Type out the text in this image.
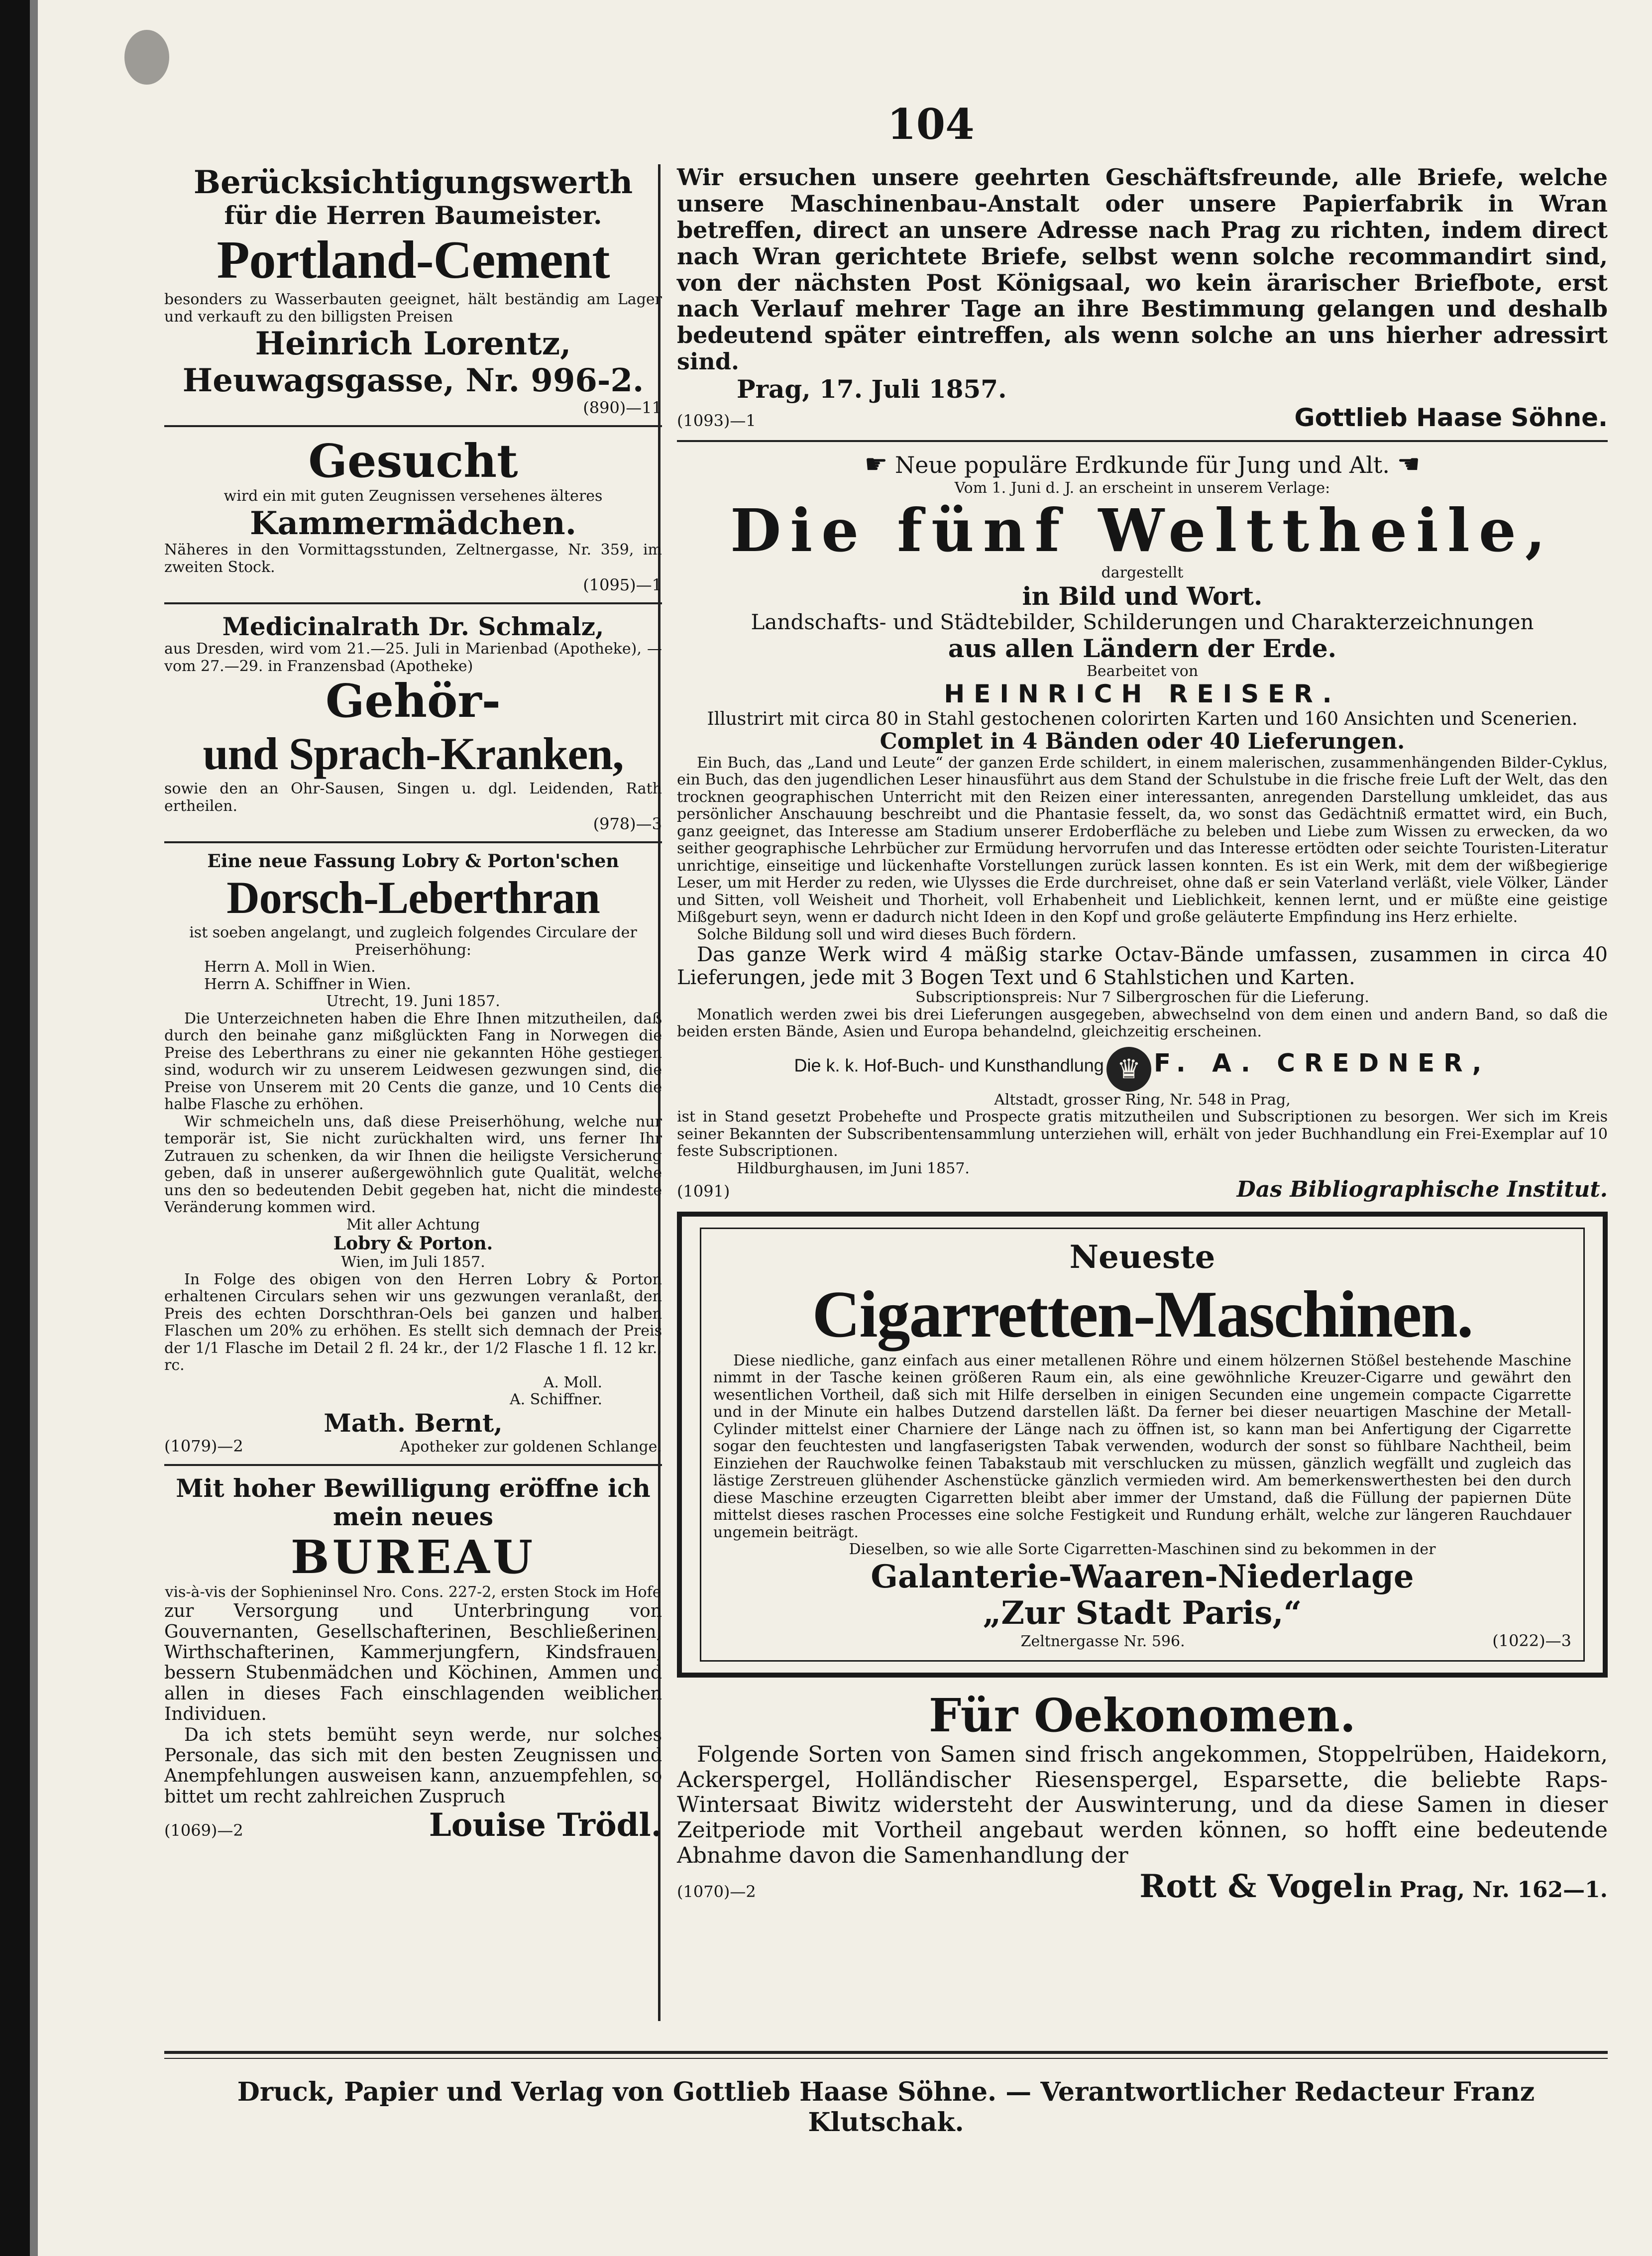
104
Berücksichtigungswerth
für die Herren Baumeister.
Portland-Cement
besonders zu Wasserbauten geeignet, hält beständig am Lager und verkauft zu den billigsten Preisen
Heinrich Lorentz,
Heuwagsgasse, Nr. 996-2.
(890)—11
Gesucht
wird ein mit guten Zeugnissen versehenes älteres
Kammermädchen.
Näheres in den Vormittagsstunden, Zeltnergasse, Nr. 359, im zweiten Stock.
(1095)—1
Medicinalrath Dr. Schmalz,
aus Dresden, wird vom 21.—25. Juli in Marienbad (Apotheke), — vom 27.—29. in Franzensbad (Apotheke)
Gehör-
und Sprach-Kranken,
sowie den an Ohr-Sausen, Singen u. dgl. Leidenden, Rath ertheilen.
(978)—3
Eine neue Fassung Lobry & Porton'schen
Dorsch-Leberthran
ist soeben angelangt, und zugleich folgendes Circulare der Preiserhöhung:
Herrn A. Moll in Wien.
Herrn A. Schiffner in Wien.
Utrecht, 19. Juni 1857.
Die Unterzeichneten haben die Ehre Ihnen mitzutheilen, daß durch den beinahe ganz mißglückten Fang in Norwegen die Preise des Leberthrans zu einer nie gekannten Höhe gestiegen sind, wodurch wir zu unserem Leidwesen gezwungen sind, die Preise von Unserem mit 20 Cents die ganze, und 10 Cents die halbe Flasche zu erhöhen.
Wir schmeicheln uns, daß diese Preiserhöhung, welche nur temporär ist, Sie nicht zurückhalten wird, uns ferner Ihr Zutrauen zu schenken, da wir Ihnen die heiligste Versicherung geben, daß in unserer außergewöhnlich gute Qualität, welche uns den so bedeutenden Debit gegeben hat, nicht die mindeste Veränderung kommen wird.
Mit aller Achtung
Lobry & Porton.
Wien, im Juli 1857.
In Folge des obigen von den Herren Lobry & Porton erhaltenen Circulars sehen wir uns gezwungen veranlaßt, den Preis des echten Dorschthran-Oels bei ganzen und halben Flaschen um 20% zu erhöhen. Es stellt sich demnach der Preis der 1/1 Flasche im Detail 2 fl. 24 kr., der 1/2 Flasche 1 fl. 12 kr., rc.
A. Moll.
A. Schiffner.
Math. Bernt,
(1079)—2	Apotheker zur goldenen Schlange.
Mit hoher Bewilligung eröffne ich
mein neues
BUREAU
vis-à-vis der Sophieninsel Nro. Cons. 227-2, ersten Stock im Hofe
zur Versorgung und Unterbringung von Gouvernanten, Gesellschafterinen, Beschließerinen, Wirthschafterinen, Kammerjungfern, Kindsfrauen, bessern Stubenmädchen und Köchinen, Ammen und allen in dieses Fach einschlagenden weiblichen Individuen.
Da ich stets bemüht seyn werde, nur solches Personale, das sich mit den besten Zeugnissen und Anempfehlungen ausweisen kann, anzuempfehlen, so bittet um recht zahlreichen Zuspruch
(1069)—2	Louise Trödl.
Wir ersuchen unsere geehrten Geschäftsfreunde, alle Briefe, welche unsere Maschinenbau-Anstalt oder unsere Papierfabrik in Wran betreffen, direct an unsere Adresse nach Prag zu richten, indem direct nach Wran gerichtete Briefe, selbst wenn solche recommandirt sind, von der nächsten Post Königsaal, wo kein ärarischer Briefbote, erst nach Verlauf mehrer Tage an ihre Bestimmung gelangen und deshalb bedeutend später eintreffen, als wenn solche an uns hierher adressirt sind.
Prag, 17. Juli 1857.
(1093)—1	Gottlieb Haase Söhne.
☛ Neue populäre Erdkunde für Jung und Alt. ☚
Vom 1. Juni d. J. an erscheint in unserem Verlage:
Die fünf Welttheile,
dargestellt
in Bild und Wort.
Landschafts- und Städtebilder, Schilderungen und Charakterzeichnungen
aus allen Ländern der Erde.
Bearbeitet von
HEINRICH REISER.
Illustrirt mit circa 80 in Stahl gestochenen colorirten Karten und 160 Ansichten und Scenerien.
Complet in 4 Bänden oder 40 Lieferungen.
Ein Buch, das „Land und Leute“ der ganzen Erde schildert, in einem malerischen, zusammenhängenden Bilder-Cyklus, ein Buch, das den jugendlichen Leser hinausführt aus dem Stand der Schulstube in die frische freie Luft der Welt, das den trocknen geographischen Unterricht mit den Reizen einer interessanten, anregenden Darstellung umkleidet, das aus persönlicher Anschauung beschreibt und die Phantasie fesselt, da, wo sonst das Gedächtniß ermattet wird, ein Buch, ganz geeignet, das Interesse am Stadium unserer Erdoberfläche zu beleben und Liebe zum Wissen zu erwecken, da wo seither geographische Lehrbücher zur Ermüdung hervorrufen und das Interesse ertödten oder seichte Touristen-Literatur unrichtige, einseitige und lückenhafte Vorstellungen zurück lassen konnten. Es ist ein Werk, mit dem der wißbegierige Leser, um mit Herder zu reden, wie Ulysses die Erde durchreiset, ohne daß er sein Vaterland verläßt, viele Völker, Länder und Sitten, voll Weisheit und Thorheit, voll Erhabenheit und Lieblichkeit, kennen lernt, und er müßte eine geistige Mißgeburt seyn, wenn er dadurch nicht Ideen in den Kopf und große geläuterte Empfindung ins Herz erhielte.
Solche Bildung soll und wird dieses Buch fördern.
Das ganze Werk wird 4 mäßig starke Octav-Bände umfassen, zusammen in circa 40 Lieferungen, jede mit 3 Bogen Text und 6 Stahlstichen und Karten.
Subscriptionspreis: Nur 7 Silbergroschen für die Lieferung.
Monatlich werden zwei bis drei Lieferungen ausgegeben, abwechselnd von dem einen und andern Band, so daß die beiden ersten Bände, Asien und Europa behandelnd, gleichzeitig erscheinen.
Die k. k. Hof-Buch- und Kunsthandlung ♛ F. A. CREDNER,
Altstadt, grosser Ring, Nr. 548 in Prag,
ist in Stand gesetzt Probehefte und Prospecte gratis mitzutheilen und Subscriptionen zu besorgen. Wer sich im Kreis seiner Bekannten der Subscribentensammlung unterziehen will, erhält von jeder Buchhandlung ein Frei-Exemplar auf 10 feste Subscriptionen.
Hildburghausen, im Juni 1857.
(1091)	Das Bibliographische Institut.
Neueste
Cigarretten-Maschinen.
Diese niedliche, ganz einfach aus einer metallenen Röhre und einem hölzernen Stößel bestehende Maschine nimmt in der Tasche keinen größeren Raum ein, als eine gewöhnliche Kreuzer-Cigarre und gewährt den wesentlichen Vortheil, daß sich mit Hilfe derselben in einigen Secunden eine ungemein compacte Cigarrette und in der Minute ein halbes Dutzend darstellen läßt. Da ferner bei dieser neuartigen Maschine der Metall-Cylinder mittelst einer Charniere der Länge nach zu öffnen ist, so kann man bei Anfertigung der Cigarrette sogar den feuchtesten und langfaserigsten Tabak verwenden, wodurch der sonst so fühlbare Nachtheil, beim Einziehen der Rauchwolke feinen Tabakstaub mit verschlucken zu müssen, gänzlich wegfällt und zugleich das lästige Zerstreuen glühender Aschenstücke gänzlich vermieden wird. Am bemerkenswerthesten bei den durch diese Maschine erzeugten Cigarretten bleibt aber immer der Umstand, daß die Füllung der papiernen Düte mittelst dieses raschen Processes eine solche Festigkeit und Rundung erhält, welche zur längeren Rauchdauer ungemein beiträgt.
Dieselben, so wie alle Sorte Cigarretten-Maschinen sind zu bekommen in der
Galanterie-Waaren-Niederlage
„Zur Stadt Paris,“
Zeltnergasse Nr. 596.	(1022)—3
Für Oekonomen.
Folgende Sorten von Samen sind frisch angekommen, Stoppelrüben, Haidekorn, Ackerspergel, Holländischer Riesenspergel, Esparsette, die beliebte Raps-Wintersaat Biwitz widersteht der Auswinterung, und da diese Samen in dieser Zeitperiode mit Vortheil angebaut werden können, so hofft eine bedeutende Abnahme davon die Samenhandlung der
(1070)—2	Rott & Vogel in Prag, Nr. 162—1.
Druck, Papier und Verlag von Gottlieb Haase Söhne. — Verantwortlicher Redacteur Franz Klutschak.
